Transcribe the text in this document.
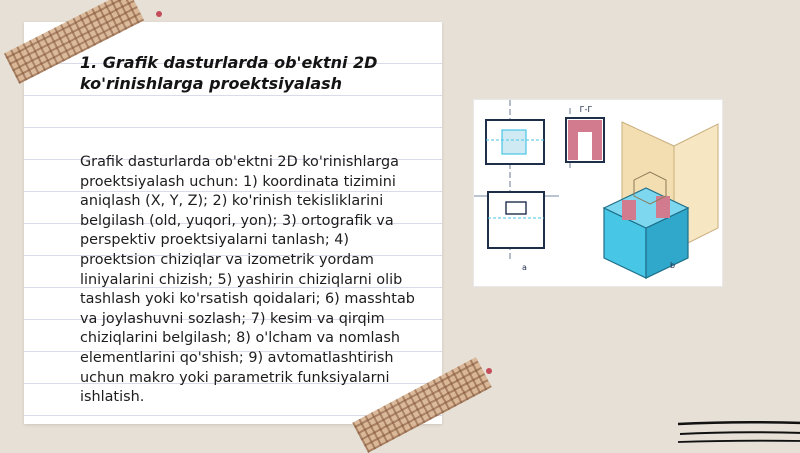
1. Grafik dasturlarda ob'ektni 2D ko'rinishlarga proektsiyalash

Grafik dasturlarda ob'ektni 2D ko'rinishlarga proektsiyalash uchun: 1) koordinata tizimini aniqlash (X, Y, Z); 2) ko'rinish tekisliklarini belgilash (old, yuqori, yon); 3) ortografik va perspektiv proektsiyalarni tanlash; 4) proektsion chiziqlar va izometrik yordam liniyalarini chizish; 5) yashirin chiziqlarni olib tashlash yoki ko'rsatish qoidalari; 6) masshtab va joylashuvni sozlash; 7) kesim va qirqim chiziqlarini belgilash; 8) o'lcham va nomlash elementlarini qo'shish; 9) avtomatlashtirish uchun makro yoki parametrik funksiyalarni ishlatish.

Г-Г
a	b
